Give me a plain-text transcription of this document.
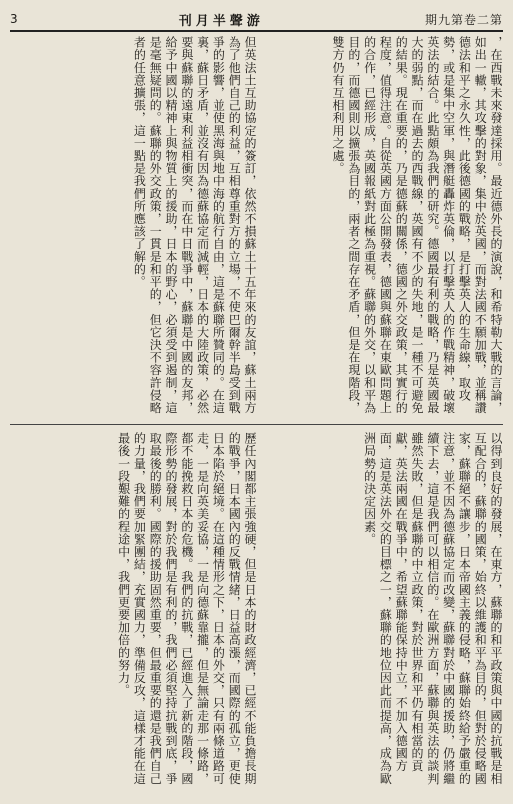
3	刊月半聲游	期九第卷二第
，在西戰未來發達採用。最近德外長的演說，和希特勒大戰的言論，如出一轍，其攻擊的對象，集中於英國，而對法國不願加戰，並稱讚德法和平之永久性，此後德國的戰略，是打擊英人的生命線，取攻勢，或是集中空軍，與潛艇轟炸英倫，以打擊英人的作戰精神，破壞英法的結合。此點頗為我們的研究。德國最有利的戰略，乃是英國最大的弱點，而在過去的西戰線，英國有不少的失地，是一種不可避免的結果。現在重要的，乃是德蘇的關係，德國之外交政策，其實行的程度，值得注意。自從英國方面公開發表，德國與蘇聯在東歐問題上的合作，已經形成，英國報紙對此極為重視。蘇聯的外交，以和平為目的，而德國則以擴張為目的，兩者之間存在矛盾，但是在現階段，雙方仍有互相利用之處。
但英法土互助協定的簽訂，依然不損蘇土十五年來的友誼，蘇土兩方為了他們自己的利益，互相尊重對方的立場，不使巴爾幹半島受到戰爭的影響，並使黑海與地中海的航行自由，這是蘇聯所贊同的。在這裏，蘇日矛盾，並沒有因為德蘇協定而減輕，日本的大陸政策，必然要與蘇聯的遠東利益相衝突，而在中日戰爭中，蘇聯是中國的友邦，給予中國以精神上與物質上的援助，日本的野心，必須受到遏制，這是毫無疑問的。蘇聯的外交政策，一貫是和平的，但它決不容許侵略者的任意擴張，這一點是我們所應該了解的。
以得到良好的發展，在東方，蘇聯的和平政策與中國的抗戰是相互配合的，蘇聯的國策，始終以維護和平為目的，但對於侵略國家，蘇聯絕不讓步，日本帝國主義的侵略，蘇聯始終給予嚴重的注意，並不因為德蘇協定而改變，蘇聯對於中國的援助，仍將繼續下去，這是我們可以相信的。在歐洲方面，蘇聯與英法的談判雖然失敗，但是蘇聯的中立政策，對於世界和平仍有相當的貢獻，英法兩國在戰爭中，希望蘇聯能保持中立，不加入德國方面，這是英法外交的目標之一，蘇聯的地位因此而提高，成為歐洲局勢的決定因素。
歷任內閣都主張強硬，但是日本的財政經濟，已經不能負擔長期的戰爭，日本國內的反戰情緒，日益高漲，而國際的孤立，更使日本陷於絕境。在這種情形之下，日本的外交，只有兩條道路可走，一是向英美妥協，一是向德蘇靠攏，但是無論走那一條路，都不能挽救日本的危機。我們的抗戰，已經進入了新的階段，國際形勢的發展，對於我們是有利的，我們必須堅持抗戰到底，爭取最後的勝利。國際的援助固然重要，但最重要的還是我們自己的力量，我們要加緊團結，充實國力，準備反攻，這樣才能在這最後一段艱難的程途中，我們更要加倍的努力。
